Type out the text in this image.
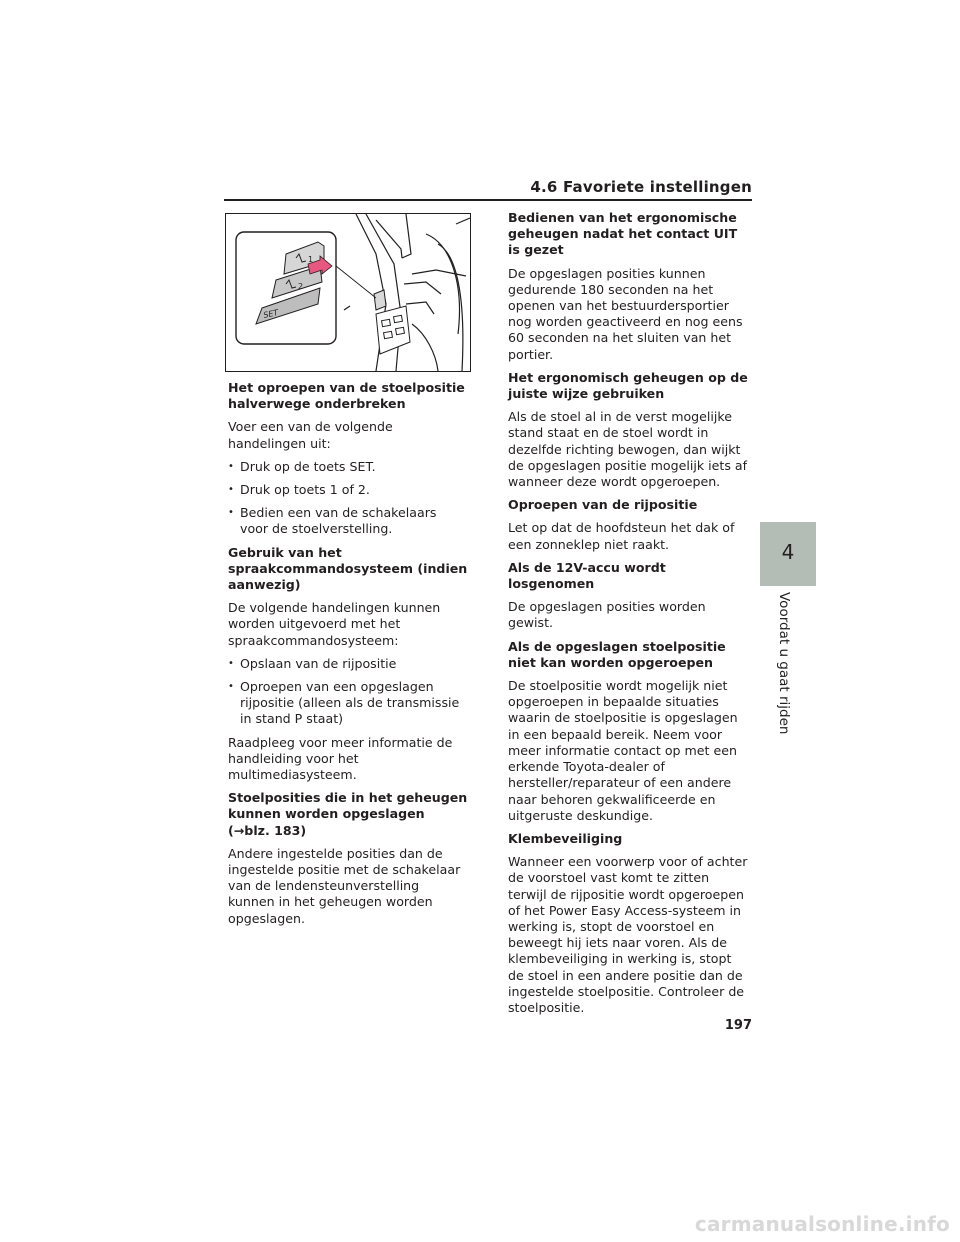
4.6 Favoriete instellingen
1
2
SET
Het oproepen van de stoelpositie halverwege onderbreken

Voer een van de volgende handelingen uit:

• Druk op de toets SET.
• Druk op toets 1 of 2.
• Bedien een van de schakelaars voor de stoelverstelling.
Gebruik van het spraakcommandosysteem (indien aanwezig)

De volgende handelingen kunnen worden uitgevoerd met het spraakcommandosysteem:

• Opslaan van de rijpositie
• Oproepen van een opgeslagen rijpositie (alleen als de transmissie in stand P staat)

Raadpleeg voor meer informatie de handleiding voor het multimediasysteem.

Stoelposities die in het geheugen kunnen worden opgeslagen (→blz. 183)

Andere ingestelde posities dan de ingestelde positie met de schakelaar van de lendensteunverstelling kunnen in het geheugen worden opgeslagen.

Bedienen van het ergonomische geheugen nadat het contact UIT is gezet

De opgeslagen posities kunnen gedurende 180 seconden na het openen van het bestuurdersportier nog worden geactiveerd en nog eens 60 seconden na het sluiten van het portier.

Het ergonomisch geheugen op de juiste wijze gebruiken

Als de stoel al in de verst mogelijke stand staat en de stoel wordt in dezelfde richting bewogen, dan wijkt de opgeslagen positie mogelijk iets af wanneer deze wordt opgeroepen.

Oproepen van de rijpositie

Let op dat de hoofdsteun het dak of een zonneklep niet raakt.

Als de 12V-accu wordt losgenomen

De opgeslagen posities worden gewist.

Als de opgeslagen stoelpositie niet kan worden opgeroepen

De stoelpositie wordt mogelijk niet opgeroepen in bepaalde situaties waarin de stoelpositie is opgeslagen in een bepaald bereik. Neem voor meer informatie contact op met een erkende Toyota-dealer of hersteller/reparateur of een andere naar behoren gekwalificeerde en uitgeruste deskundige.

Klembeveiliging

Wanneer een voorwerp voor of achter de voorstoel vast komt te zitten terwijl de rijpositie wordt opgeroepen of het Power Easy Access-systeem in werking is, stopt de voorstoel en beweegt hij iets naar voren. Als de klembeveiliging in werking is, stopt de stoel in een andere positie dan de ingestelde stoelpositie. Controleer de stoelpositie.

4
Voordat u gaat rijden
197
carmanualsonline.info
